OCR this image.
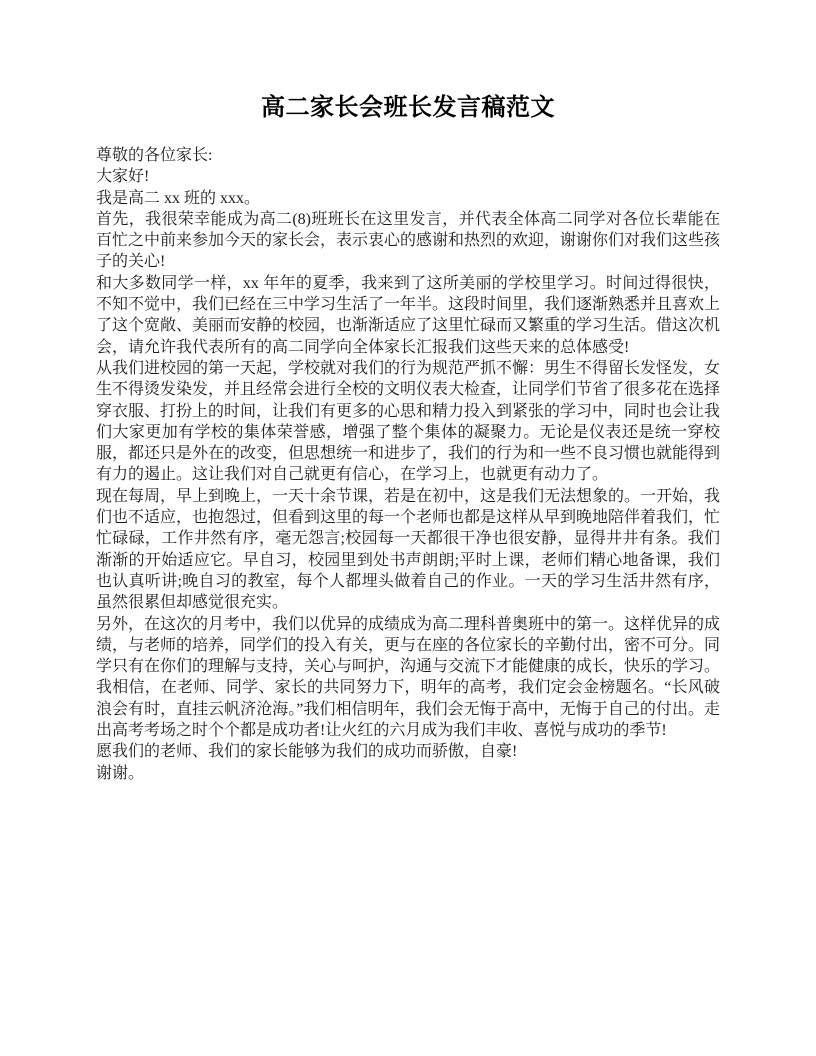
高二家长会班长发言稿范文

尊敬的各位家长:

大家好!

我是高二 xx 班的 xxx。

首先，我很荣幸能成为高二(8)班班长在这里发言，并代表全体高二同学对各位长辈能在百忙之中前来参加今天的家长会，表示衷心的感谢和热烈的欢迎，谢谢你们对我们这些孩子的关心!

和大多数同学一样，xx 年年的夏季，我来到了这所美丽的学校里学习。时间过得很快，不知不觉中，我们已经在三中学习生活了一年半。这段时间里，我们逐渐熟悉并且喜欢上了这个宽敞、美丽而安静的校园，也渐渐适应了这里忙碌而又繁重的学习生活。借这次机会，请允许我代表所有的高二同学向全体家长汇报我们这些天来的总体感受!

从我们进校园的第一天起，学校就对我们的行为规范严抓不懈：男生不得留长发怪发，女生不得烫发染发，并且经常会进行全校的文明仪表大检查，让同学们节省了很多花在选择穿衣服、打扮上的时间，让我们有更多的心思和精力投入到紧张的学习中，同时也会让我们大家更加有学校的集体荣誉感，增强了整个集体的凝聚力。无论是仪表还是统一穿校服，都还只是外在的改变，但思想统一和进步了，我们的行为和一些不良习惯也就能得到有力的遏止。这让我们对自己就更有信心，在学习上，也就更有动力了。

现在每周，早上到晚上，一天十余节课，若是在初中，这是我们无法想象的。一开始，我们也不适应，也抱怨过，但看到这里的每一个老师也都是这样从早到晚地陪伴着我们，忙忙碌碌，工作井然有序，毫无怨言;校园每一天都很干净也很安静，显得井井有条。我们渐渐的开始适应它。早自习，校园里到处书声朗朗;平时上课，老师们精心地备课，我们也认真听讲;晚自习的教室，每个人都埋头做着自己的作业。一天的学习生活井然有序，虽然很累但却感觉很充实。

另外，在这次的月考中，我们以优异的成绩成为高二理科普奥班中的第一。这样优异的成绩，与老师的培养，同学们的投入有关，更与在座的各位家长的辛勤付出，密不可分。同学只有在你们的理解与支持，关心与呵护，沟通与交流下才能健康的成长，快乐的学习。

我相信，在老师、同学、家长的共同努力下，明年的高考，我们定会金榜题名。“长风破浪会有时，直挂云帆济沧海。”我们相信明年，我们会无悔于高中，无悔于自己的付出。走出高考考场之时个个都是成功者!让火红的六月成为我们丰收、喜悦与成功的季节!

愿我们的老师、我们的家长能够为我们的成功而骄傲，自豪!

谢谢。
